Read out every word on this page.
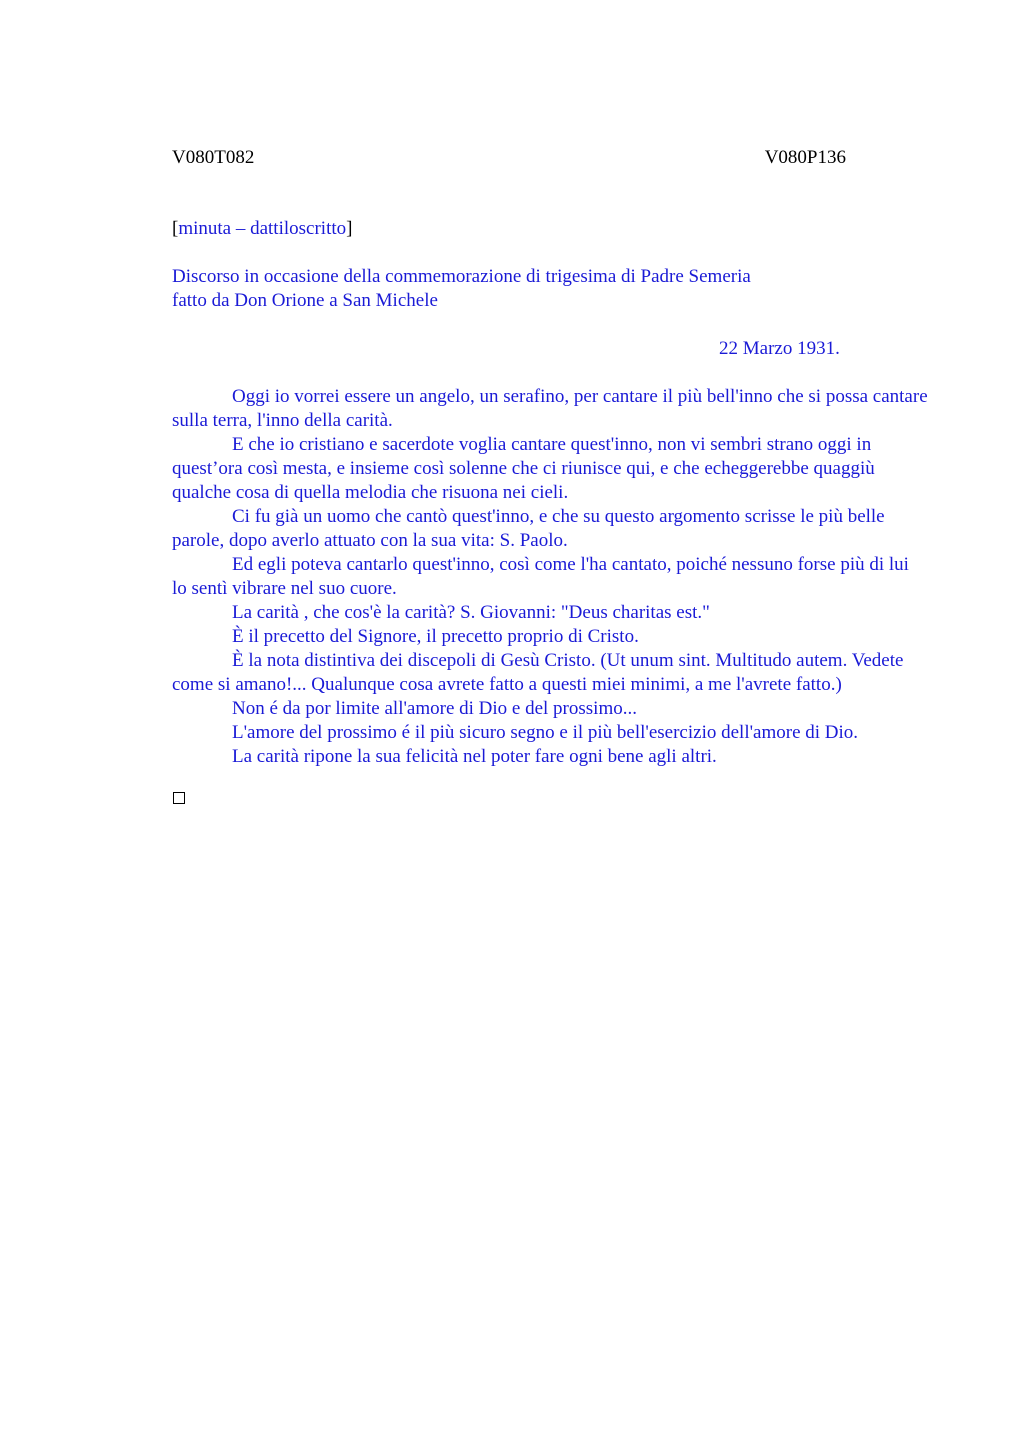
V080T082	V080P136
[minuta – dattiloscritto]
Discorso in occasione della commemorazione di trigesima di Padre Semeria
fatto da Don Orione a San Michele
22 Marzo 1931.

Oggi io vorrei essere un angelo, un serafino, per cantare il più bell'inno che si possa cantare sulla terra, l'inno della carità.

E che io cristiano e sacerdote voglia cantare quest'inno, non vi sembri strano oggi in quest’ora così mesta, e insieme così solenne che ci riunisce qui, e che echeggerebbe quaggiù qualche cosa di quella melodia che risuona nei cieli.

Ci fu già un uomo che cantò quest'inno, e che su questo argomento scrisse le più belle parole, dopo averlo attuato con la sua vita: S. Paolo.

Ed egli poteva cantarlo quest'inno, così come l'ha cantato, poiché nessuno forse più di lui lo sentì vibrare nel suo cuore.

La carità , che cos'è la carità? S. Giovanni: "Deus charitas est."

È il precetto del Signore, il precetto proprio di Cristo.

È la nota distintiva dei discepoli di Gesù Cristo. (Ut unum sint. Multitudo autem. Vedete come si amano!... Qualunque cosa avrete fatto a questi miei minimi, a me l'avrete fatto.)

Non é da por limite all'amore di Dio e del prossimo...

L'amore del prossimo é il più sicuro segno e il più bell'esercizio dell'amore di Dio.

La carità ripone la sua felicità nel poter fare ogni bene agli altri.
